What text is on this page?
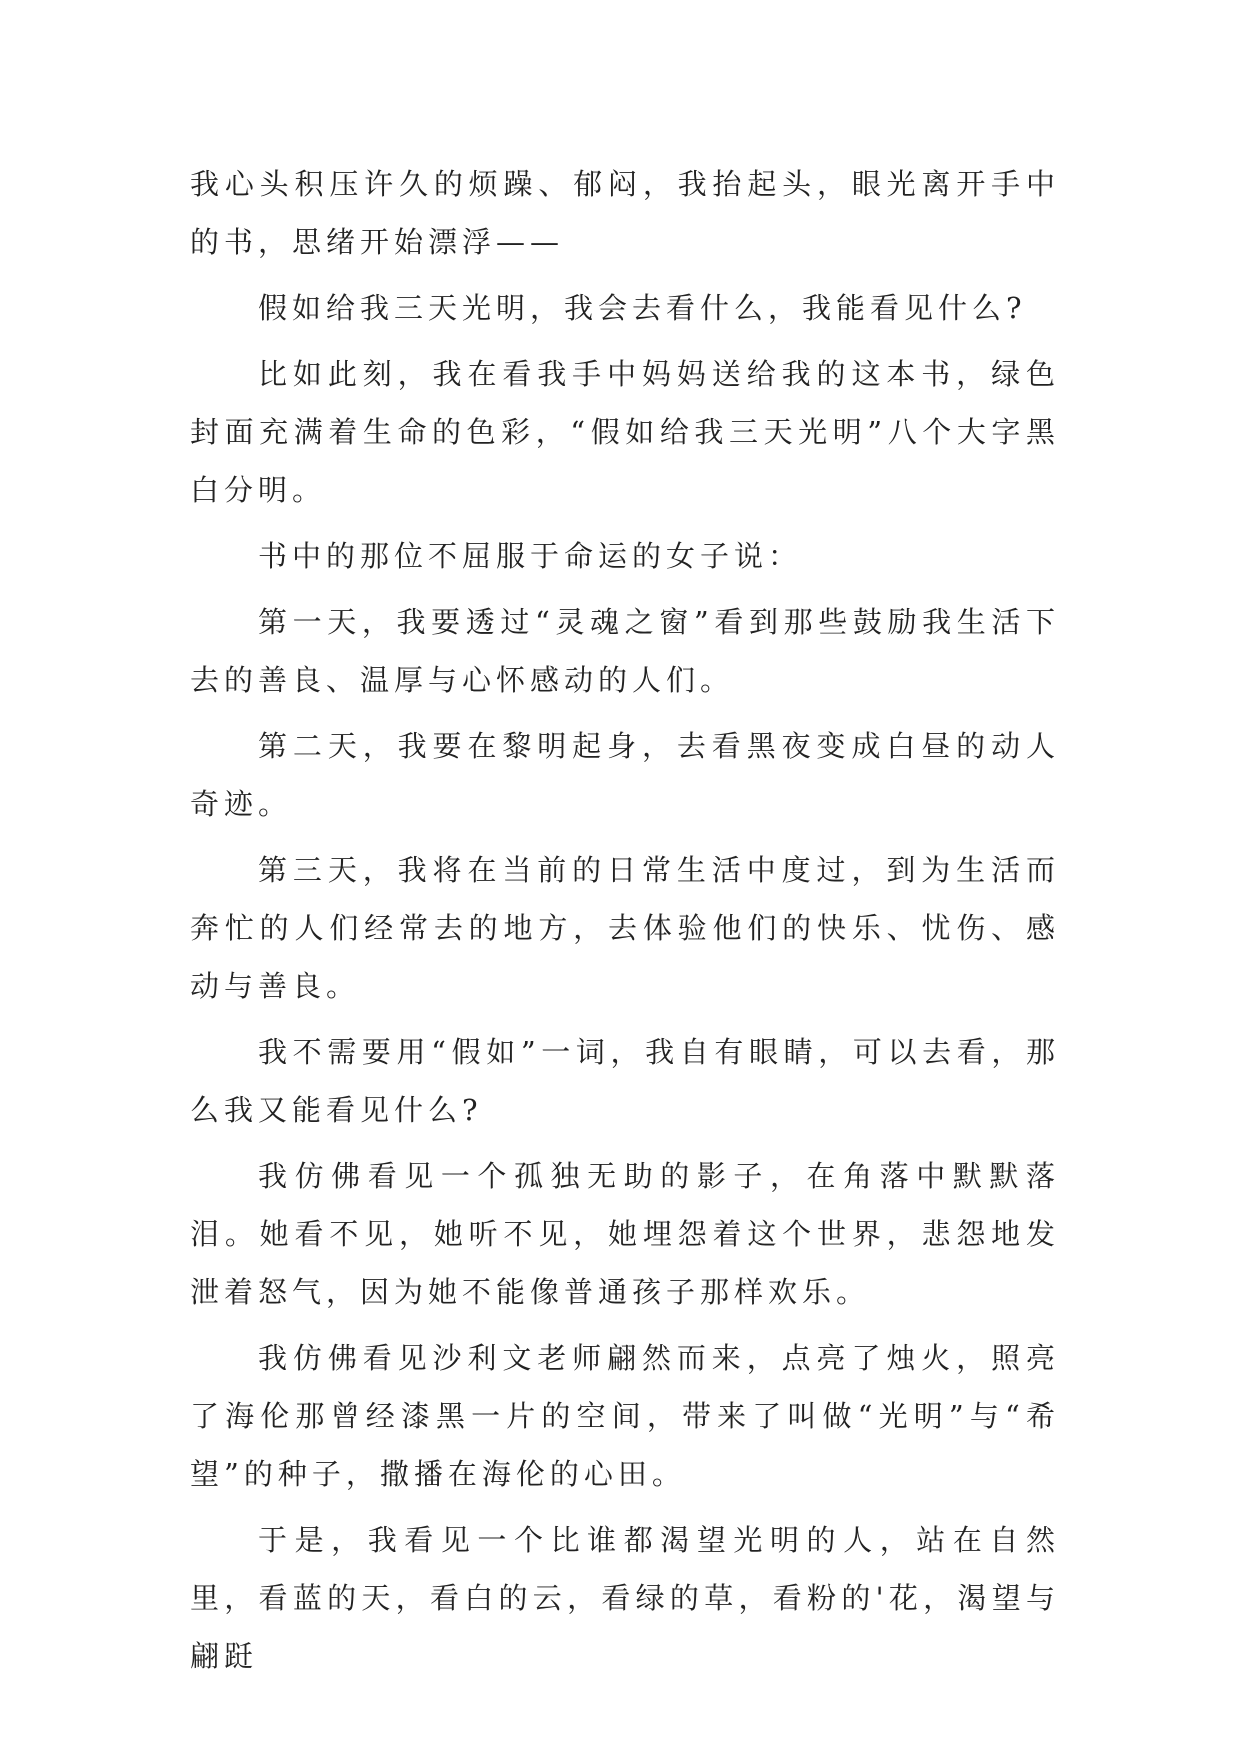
我心头积压许久的烦躁、郁闷，我抬起头，眼光离开手中的书，思绪开始漂浮——

假如给我三天光明，我会去看什么，我能看见什么?

比如此刻，我在看我手中妈妈送给我的这本书，绿色封面充满着生命的色彩，“假如给我三天光明”八个大字黑白分明。

书中的那位不屈服于命运的女子说：

第一天，我要透过“灵魂之窗”看到那些鼓励我生活下去的善良、温厚与心怀感动的人们。

第二天，我要在黎明起身，去看黑夜变成白昼的动人奇迹。

第三天，我将在当前的日常生活中度过，到为生活而奔忙的人们经常去的地方，去体验他们的快乐、忧伤、感动与善良。

我不需要用“假如”一词，我自有眼睛，可以去看，那么我又能看见什么?

我仿佛看见一个孤独无助的影子，在角落中默默落泪。她看不见，她听不见，她埋怨着这个世界，悲怨地发泄着怒气，因为她不能像普通孩子那样欢乐。

我仿佛看见沙利文老师翩然而来，点亮了烛火，照亮了海伦那曾经漆黑一片的空间，带来了叫做“光明”与“希望”的种子，撒播在海伦的心田。

于是，我看见一个比谁都渴望光明的人，站在自然里，看蓝的天，看白的云，看绿的草，看粉的'花，渴望与翩跹
